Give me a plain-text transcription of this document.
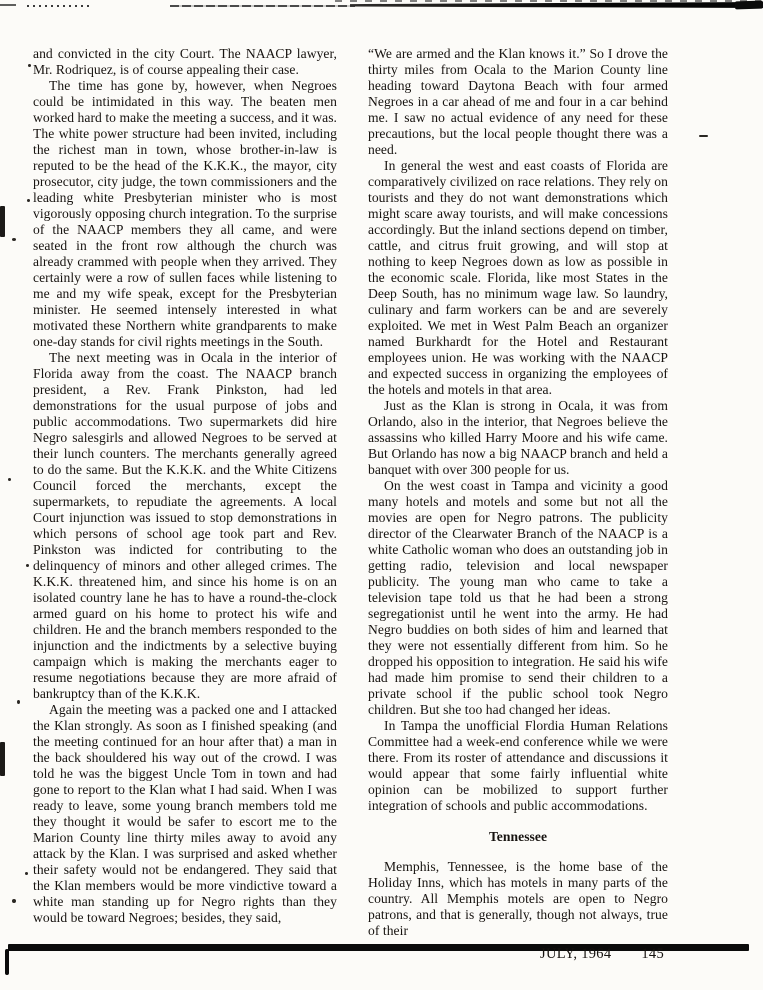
and convicted in the city Court. The NAACP lawyer, Mr. Rodriquez, is of course appealing their case.

The time has gone by, however, when Negroes could be intimidated in this way. The beaten men worked hard to make the meeting a success, and it was. The white power structure had been invited, including the richest man in town, whose brother-in-law is reputed to be the head of the K.K.K., the mayor, city prosecutor, city judge, the town commissioners and the leading white Presbyterian minister who is most vigorously opposing church integration. To the surprise of the NAACP members they all came, and were seated in the front row although the church was already crammed with people when they arrived. They certainly were a row of sullen faces while listening to me and my wife speak, except for the Presbyterian minister. He seemed intensely interested in what motivated these Northern white grandparents to make one-day stands for civil rights meetings in the South.

The next meeting was in Ocala in the interior of Florida away from the coast. The NAACP branch president, a Rev. Frank Pinkston, had led demonstrations for the usual purpose of jobs and public accommodations. Two supermarkets did hire Negro salesgirls and allowed Negroes to be served at their lunch counters. The merchants generally agreed to do the same. But the K.K.K. and the White Citizens Council forced the merchants, except the supermarkets, to repudiate the agreements. A local Court injunction was issued to stop demonstrations in which persons of school age took part and Rev. Pinkston was indicted for contributing to the delinquency of minors and other alleged crimes. The K.K.K. threatened him, and since his home is on an isolated country lane he has to have a round-the-clock armed guard on his home to protect his wife and children. He and the branch members responded to the injunction and the indictments by a selective buying campaign which is making the merchants eager to resume negotiations because they are more afraid of bankruptcy than of the K.K.K.

Again the meeting was a packed one and I attacked the Klan strongly. As soon as I finished speaking (and the meeting continued for an hour after that) a man in the back shouldered his way out of the crowd. I was told he was the biggest Uncle Tom in town and had gone to report to the Klan what I had said. When I was ready to leave, some young branch members told me they thought it would be safer to escort me to the Marion County line thirty miles away to avoid any attack by the Klan. I was surprised and asked whether their safety would not be endangered. They said that the Klan members would be more vindictive toward a white man standing up for Negro rights than they would be toward Negroes; besides, they said,

“We are armed and the Klan knows it.” So I drove the thirty miles from Ocala to the Marion County line heading toward Daytona Beach with four armed Negroes in a car ahead of me and four in a car behind me. I saw no actual evidence of any need for these precautions, but the local people thought there was a need.

In general the west and east coasts of Florida are comparatively civilized on race relations. They rely on tourists and they do not want demonstrations which might scare away tourists, and will make concessions accordingly. But the inland sections depend on timber, cattle, and citrus fruit growing, and will stop at nothing to keep Negroes down as low as possible in the economic scale. Florida, like most States in the Deep South, has no minimum wage law. So laundry, culinary and farm workers can be and are severely exploited. We met in West Palm Beach an organizer named Burkhardt for the Hotel and Restaurant employees union. He was working with the NAACP and expected success in organizing the employees of the hotels and motels in that area.

Just as the Klan is strong in Ocala, it was from Orlando, also in the interior, that Negroes believe the assassins who killed Harry Moore and his wife came. But Orlando has now a big NAACP branch and held a banquet with over 300 people for us.

On the west coast in Tampa and vicinity a good many hotels and motels and some but not all the movies are open for Negro patrons. The publicity director of the Clearwater Branch of the NAACP is a white Catholic woman who does an outstanding job in getting radio, television and local newspaper publicity. The young man who came to take a television tape told us that he had been a strong segregationist until he went into the army. He had Negro buddies on both sides of him and learned that they were not essentially different from him. So he dropped his opposition to integration. He said his wife had made him promise to send their children to a private school if the public school took Negro children. But she too had changed her ideas.

In Tampa the unofficial Flordia Human Relations Committee had a week-end conference while we were there. From its roster of attendance and discussions it would appear that some fairly influential white opinion can be mobilized to support further integration of schools and public accommodations.

Tennessee

Memphis, Tennessee, is the home base of the Holiday Inns, which has motels in many parts of the country. All Memphis motels are open to Negro patrons, and that is generally, though not always, true of their

JULY, 1964 145
